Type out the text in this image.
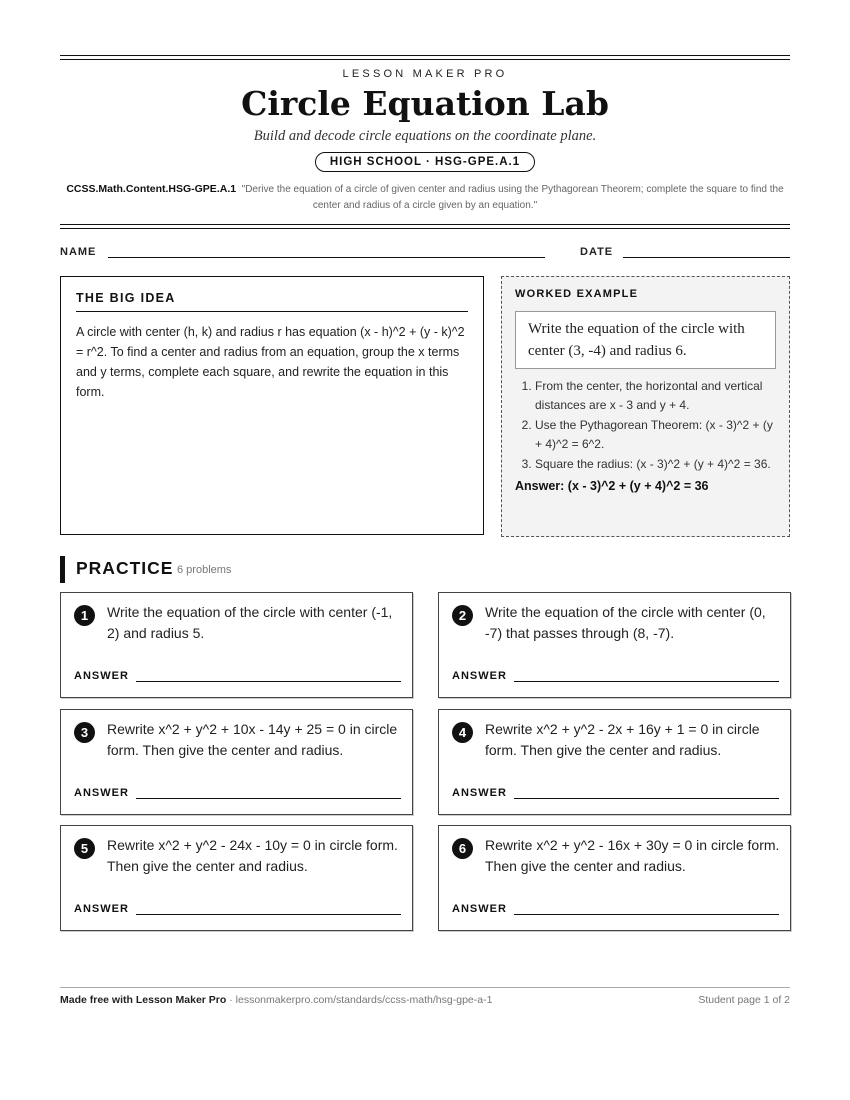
LESSON MAKER PRO
Circle Equation Lab
Build and decode circle equations on the coordinate plane.
HIGH SCHOOL · HSG-GPE.A.1
CCSS.Math.Content.HSG-GPE.A.1 "Derive the equation of a circle of given center and radius using the Pythagorean Theorem; complete the square to find the center and radius of a circle given by an equation."
NAME	DATE
THE BIG IDEA

A circle with center (h, k) and radius r has equation (x - h)^2 + (y - k)^2 = r^2. To find a center and radius from an equation, group the x terms and y terms, complete each square, and rewrite the equation in this form.

WORKED EXAMPLE
Write the equation of the circle with center (3, -4) and radius 6.
1. From the center, the horizontal and vertical distances are x - 3 and y + 4.
2. Use the Pythagorean Theorem: (x - 3)^2 + (y + 4)^2 = 6^2.
3. Square the radius: (x - 3)^2 + (y + 4)^2 = 36.
Answer: (x - 3)^2 + (y + 4)^2 = 36
PRACTICE 6 problems
1	Write the equation of the circle with center (-1, 2) and radius 5.
ANSWER
2	Write the equation of the circle with center (0, -7) that passes through (8, -7).
ANSWER
3	Rewrite x^2 + y^2 + 10x - 14y + 25 = 0 in circle form. Then give the center and radius.
ANSWER
4	Rewrite x^2 + y^2 - 2x + 16y + 1 = 0 in circle form. Then give the center and radius.
ANSWER
5	Rewrite x^2 + y^2 - 24x - 10y = 0 in circle form. Then give the center and radius.
ANSWER
6	Rewrite x^2 + y^2 - 16x + 30y = 0 in circle form. Then give the center and radius.
ANSWER
Made free with Lesson Maker Pro · lessonmakerpro.com/standards/ccss-math/hsg-gpe-a-1	Student page 1 of 2
